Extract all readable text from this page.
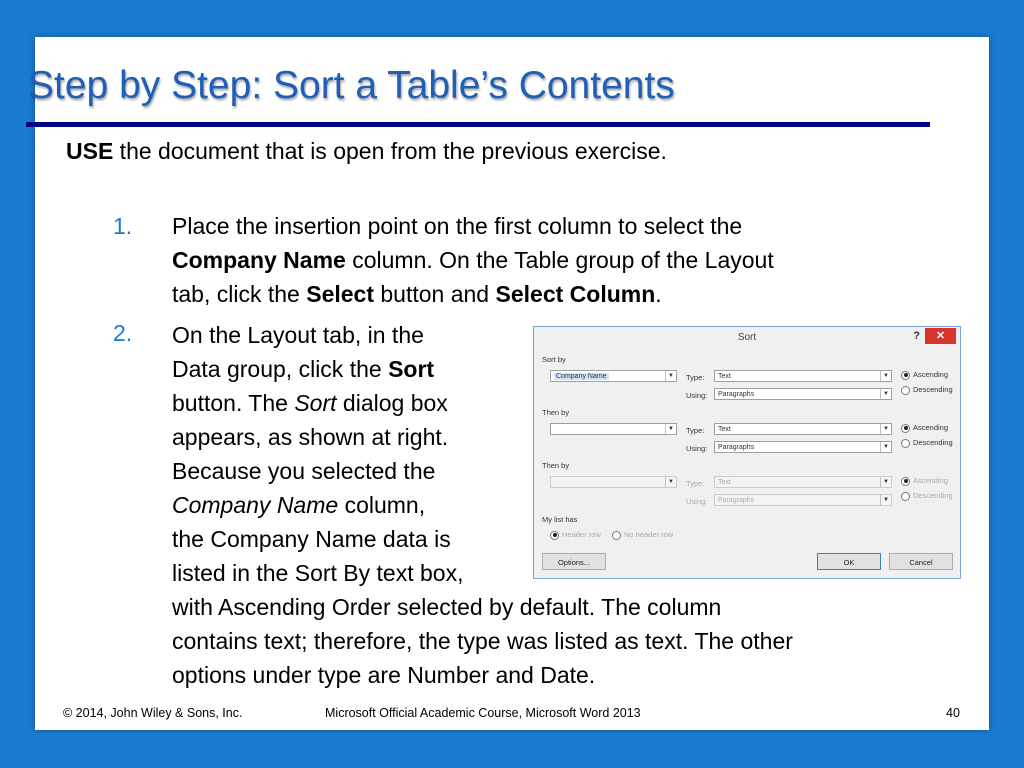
Step by Step: Sort a Table’s Contents
• USE the document that is open from the previous exercise.
1. Place the insertion point on the first column to select the
Company Name column. On the Table group of the Layout
tab, click the Select button and Select Column.
2. On the Layout tab, in the
Data group, click the Sort
button. The Sort dialog box
appears, as shown at right.
Because you selected the
Company Name column,
the Company Name data is
listed in the Sort By text box,
with Ascending Order selected by default. The column
contains text; therefore, the type was listed as text. The other
options under type are Number and Date.
Sort	?	✕
Sort by
Company Name	▼ Type:	Text	▼
Using:	Paragraphs	▼
Ascending
Descending
Then by
▼ Type:	Text	▼
Using:	Paragraphs	▼
Ascending
Descending
Then by
▼ Type:	Text	▼
Using:	Paragraphs	▼
Ascending
Descending
My list has
Header row	No header row
Options...	OK	Cancel
© 2014, John Wiley & Sons, Inc.	Microsoft Official Academic Course, Microsoft Word 2013	40
